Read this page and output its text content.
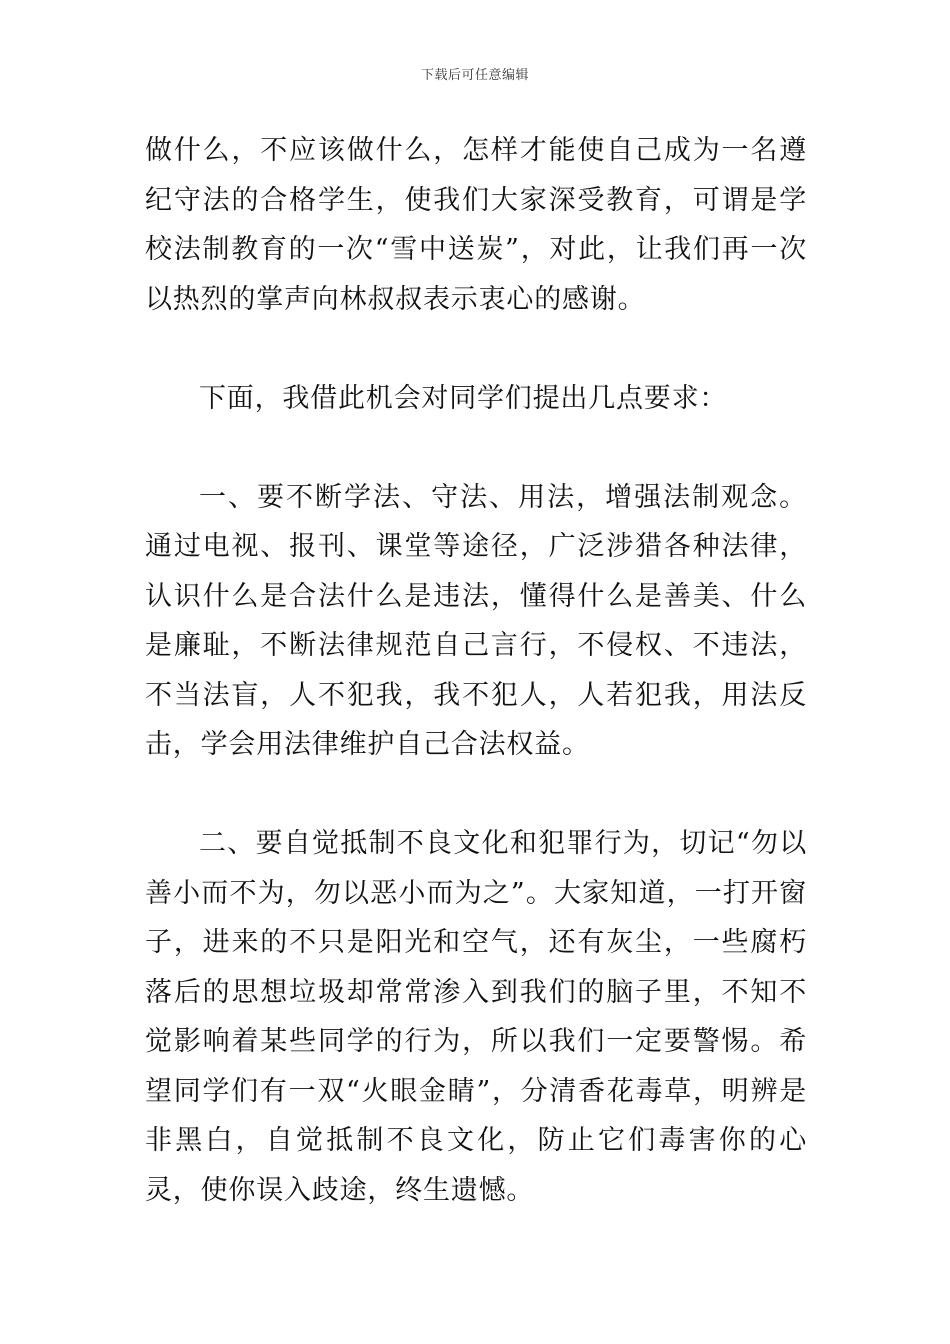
下载后可任意编辑

做什么，不应该做什么，怎样才能使自己成为一名遵纪守法的合格学生，使我们大家深受教育，可谓是学校法制教育的一次“雪中送炭”，对此，让我们再一次以热烈的掌声向林叔叔表示衷心的感谢。

下面，我借此机会对同学们提出几点要求：

一、要不断学法、守法、用法，增强法制观念。通过电视、报刊、课堂等途径，广泛涉猎各种法律，认识什么是合法什么是违法，懂得什么是善美、什么是廉耻，不断法律规范自己言行，不侵权、不违法，不当法盲，人不犯我，我不犯人，人若犯我，用法反击，学会用法律维护自己合法权益。

二、要自觉抵制不良文化和犯罪行为，切记“勿以善小而不为，勿以恶小而为之”。大家知道，一打开窗子，进来的不只是阳光和空气，还有灰尘，一些腐朽落后的思想垃圾却常常渗入到我们的脑子里，不知不觉影响着某些同学的行为，所以我们一定要警惕。希望同学们有一双“火眼金睛”，分清香花毒草，明辨是非黑白，自觉抵制不良文化，防止它们毒害你的心灵，使你误入歧途，终生遗憾。
